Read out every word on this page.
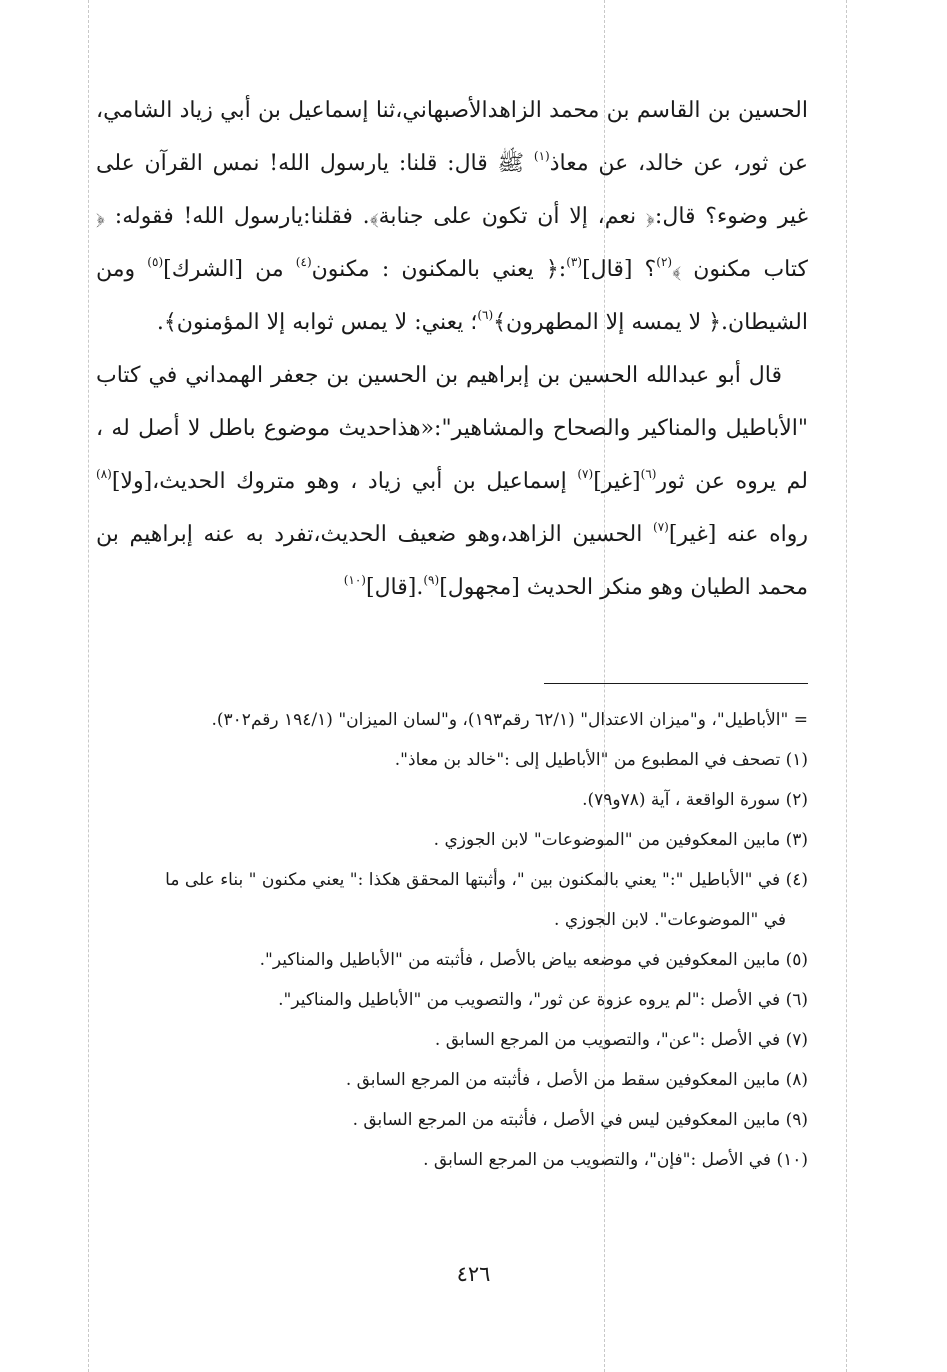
الحسين بن القاسم بن محمد الزاهدالأصبهاني،ثنا إسماعيل بن أبي زياد الشامي، عن ثور، عن خالد، عن معاذ$^{(١)}$ ﷺ قال: قلنا: يارسول الله! نمس القرآن على غير وضوء؟ قال:﴿ نعم، إلا أن تكون على جنابة﴾. فقلنا:يارسول الله! فقوله: ﴿ كتاب مكنون ﴾$^{(٢)}$؟ [قال]$^{(٣)}$:﴿ يعني بالمكنون : مكنون$^{(٤)}$ من [الشرك]$^{(٥)}$ ومن الشيطان.﴿ لا يمسه إلا المطهرون﴾$^{(٦)}$؛ يعني: لا يمس ثوابه إلا المؤمنون﴾.

قال أبو عبدالله الحسين بن إبراهيم بن الحسين بن جعفر الهمداني في كتاب "الأباطيل والمناكير والصحاح والمشاهير":«هذاحديث موضوع باطل لا أصل له ، لم يروه عن ثور$^{(٦)}$[غير]$^{(٧)}$ إسماعيل بن أبي زياد ، وهو متروك الحديث،[ولا]$^{(٨)}$ رواه عنه [غير]$^{(٧)}$ الحسين الزاهد،وهو ضعيف الحديث،تفرد به عنه إبراهيم بن محمد الطيان وهو منكر الحديث [مجهول]$^{(٩)}$.[قال]$^{(١٠)}$

= "الأباطيل"، و"ميزان الاعتدال" (٦٢/١ رقم١٩٣)، و"لسان الميزان" (١٩٤/١ رقم٣٠٢).

(١) تصحف في المطبوع من "الأباطيل إلى :"خالد بن معاذ".

(٢) سورة الواقعة ، آية (٧٨و٧٩).

(٣) مابين المعكوفين من "الموضوعات" لابن الجوزي .

(٤) في "الأباطيل ":" يعني بالمكنون بين "، وأثبتها المحقق هكذا :" يعني مكنون " بناء على ما

في "الموضوعات". لابن الجوزي .

(٥) مابين المعكوفين في موضعه بياض بالأصل ، فأثبته من "الأباطيل والمناكير".

(٦) في الأصل :"لم يروه عزوة عن ثور"، والتصويب من "الأباطيل والمناكير".

(٧) في الأصل :"عن"، والتصويب من المرجع السابق .

(٨) مابين المعكوفين سقط من الأصل ، فأثبته من المرجع السابق .

(٩) مابين المعكوفين ليس في الأصل ، فأثبته من المرجع السابق .

(١٠) في الأصل :"فإن"، والتصويب من المرجع السابق .

٤٢٦
